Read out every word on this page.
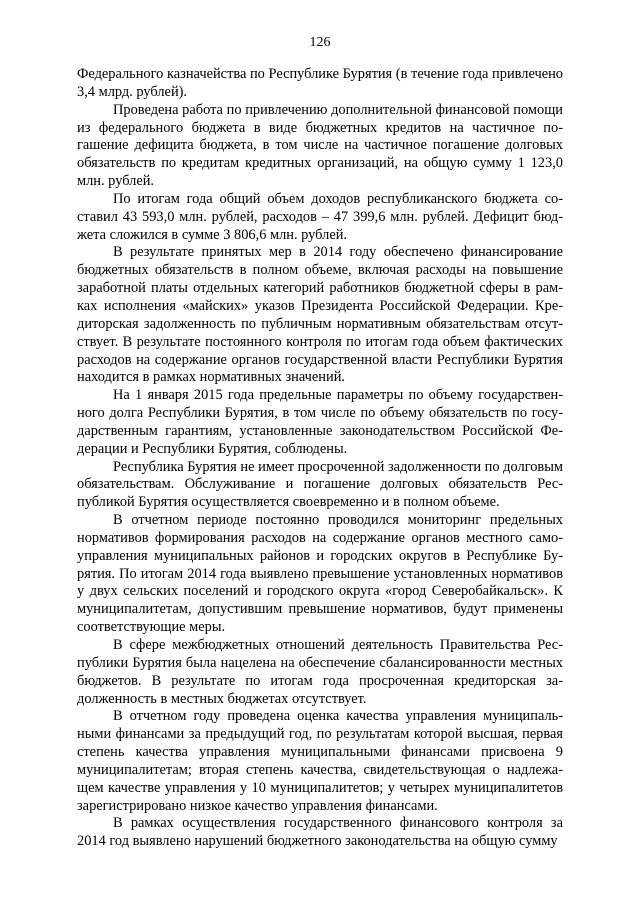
126

Федерального казначейства по Республике Бурятия (в течение года привлечено 3,4 млрд. рублей).

Проведена работа по привлечению дополнительной финансовой помощи из федерального бюджета в виде бюджетных кредитов на частичное погашение дефицита бюджета, в том числе на частичное погашение долговых обязательств по кредитам кредитных организаций, на общую сумму 1 123,0 млн. рублей.

По итогам года общий объем доходов республиканского бюджета составил 43 593,0 млн. рублей, расходов – 47 399,6 млн. рублей. Дефицит бюджета сложился в сумме 3 806,6 млн. рублей.

В результате принятых мер в 2014 году обеспечено финансирование бюджетных обязательств в полном объеме, включая расходы на повышение заработной платы отдельных категорий работников бюджетной сферы в рамках исполнения «майских» указов Президента Российской Федерации. Кредиторская задолженность по публичным нормативным обязательствам отсутствует. В результате постоянного контроля по итогам года объем фактических расходов на содержание органов государственной власти Республики Бурятия находится в рамках нормативных значений.

На 1 января 2015 года предельные параметры по объему государственного долга Республики Бурятия, в том числе по объему обязательств по государственным гарантиям, установленные законодательством Российской Федерации и Республики Бурятия, соблюдены.

Республика Бурятия не имеет просроченной задолженности по долговым обязательствам. Обслуживание и погашение долговых обязательств Республикой Бурятия осуществляется своевременно и в полном объеме.

В отчетном периоде постоянно проводился мониторинг предельных нормативов формирования расходов на содержание органов местного самоуправления муниципальных районов и городских округов в Республике Бурятия. По итогам 2014 года выявлено превышение установленных нормативов у двух сельских поселений и городского округа «город Северобайкальск». К муниципалитетам, допустившим превышение нормативов, будут применены соответствующие меры.

В сфере межбюджетных отношений деятельность Правительства Республики Бурятия была нацелена на обеспечение сбалансированности местных бюджетов. В результате по итогам года просроченная кредиторская задолженность в местных бюджетах отсутствует.

В отчетном году проведена оценка качества управления муниципальными финансами за предыдущий год, по результатам которой высшая, первая степень качества управления муниципальными финансами присвоена 9 муниципалитетам; вторая степень качества, свидетельствующая о надлежащем качестве управления у 10 муниципалитетов; у четырех муниципалитетов зарегистрировано низкое качество управления финансами.

В рамках осуществления государственного финансового контроля за 2014 год выявлено нарушений бюджетного законодательства на общую сумму
